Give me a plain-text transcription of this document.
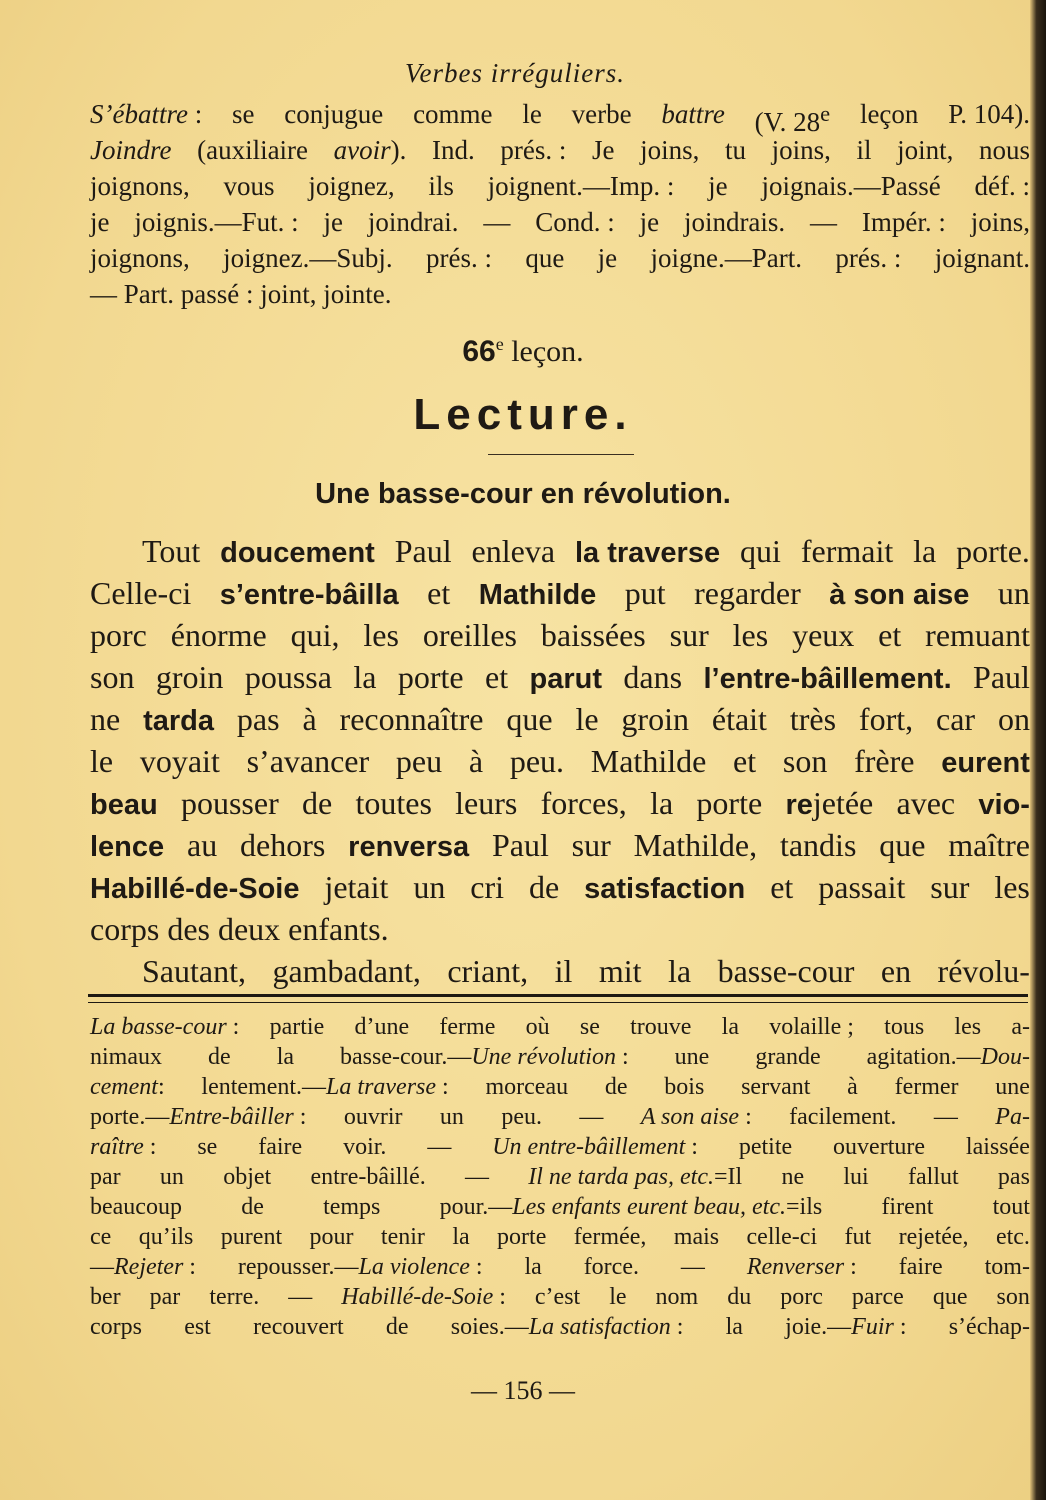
Verbes irréguliers.
S’ébattre : se conjugue comme le verbe battre (V. 28e leçon P. 104).
Joindre (auxiliaire avoir). Ind. prés. : Je joins, tu joins, il joint, nous
joignons, vous joignez, ils joignent.—Imp. : je joignais.—Passé déf. :
je joignis.—Fut. : je joindrai. — Cond. : je joindrais. — Impér. : joins,
joignons, joignez.—Subj. prés. : que je joigne.—Part. prés. : joignant.
— Part. passé : joint, jointe.
66e leçon.
Lecture.
Une basse-cour en révolution.
Tout doucement Paul enleva la traverse qui fermait la porte.
Celle-ci s’entre-bâilla et Mathilde put regarder à son aise un
porc énorme qui, les oreilles baissées sur les yeux et remuant
son groin poussa la porte et parut dans l’entre-bâillement. Paul
ne tarda pas à reconnaître que le groin était très fort, car on
le voyait s’avancer peu à peu. Mathilde et son frère eurent
beau pousser de toutes leurs forces, la porte rejetée avec vio-
lence au dehors renversa Paul sur Mathilde, tandis que maître
Habillé-de-Soie jetait un cri de satisfaction et passait sur les
corps des deux enfants.
Sautant, gambadant, criant, il mit la basse-cour en révolu-
La basse-cour : partie d’une ferme où se trouve la volaille ; tous les a-
nimaux de la basse-cour.—Une révolution : une grande agitation.—Dou-
cement: lentement.—La traverse : morceau de bois servant à fermer une
porte.—Entre-bâiller : ouvrir un peu. — A son aise : facilement. — Pa-
raître : se faire voir. — Un entre-bâillement : petite ouverture laissée
par un objet entre-bâillé. — Il ne tarda pas, etc.=Il ne lui fallut pas
beaucoup de temps pour.—Les enfants eurent beau, etc.=ils firent tout
ce qu’ils purent pour tenir la porte fermée, mais celle-ci fut rejetée, etc.
—Rejeter : repousser.—La violence : la force. — Renverser : faire tom-
ber par terre. — Habillé-de-Soie : c’est le nom du porc parce que son
corps est recouvert de soies.—La satisfaction : la joie.—Fuir : s’échap-
— 156 —
